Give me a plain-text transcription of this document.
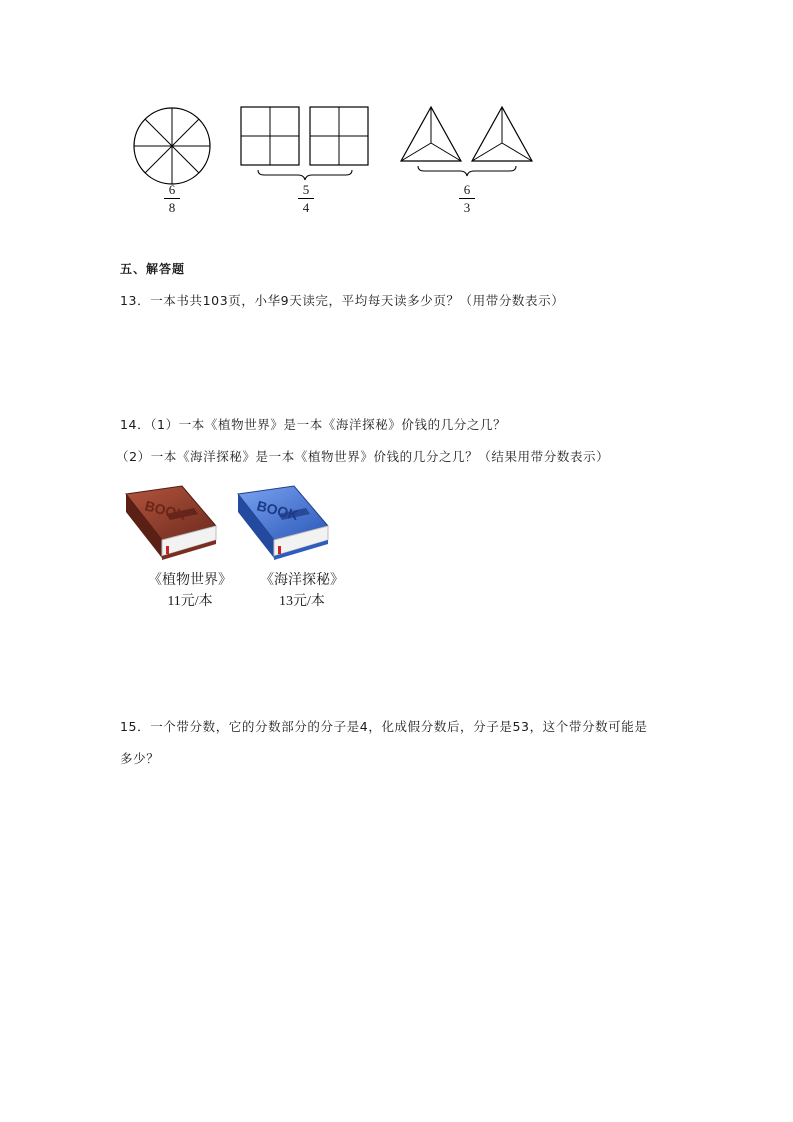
6
8
5
4
6
3
五、解答题
13．一本书共103页，小华9天读完，平均每天读多少页？（用带分数表示）
14．（1）一本《植物世界》是一本《海洋探秘》价钱的几分之几？
（2）一本《海洋探秘》是一本《植物世界》价钱的几分之几？（结果用带分数表示）
BOOK	BOOK
《植物世界》
11元/本
《海洋探秘》
13元/本
15．一个带分数，它的分数部分的分子是4，化成假分数后，分子是53，这个带分数可能是
多少？
